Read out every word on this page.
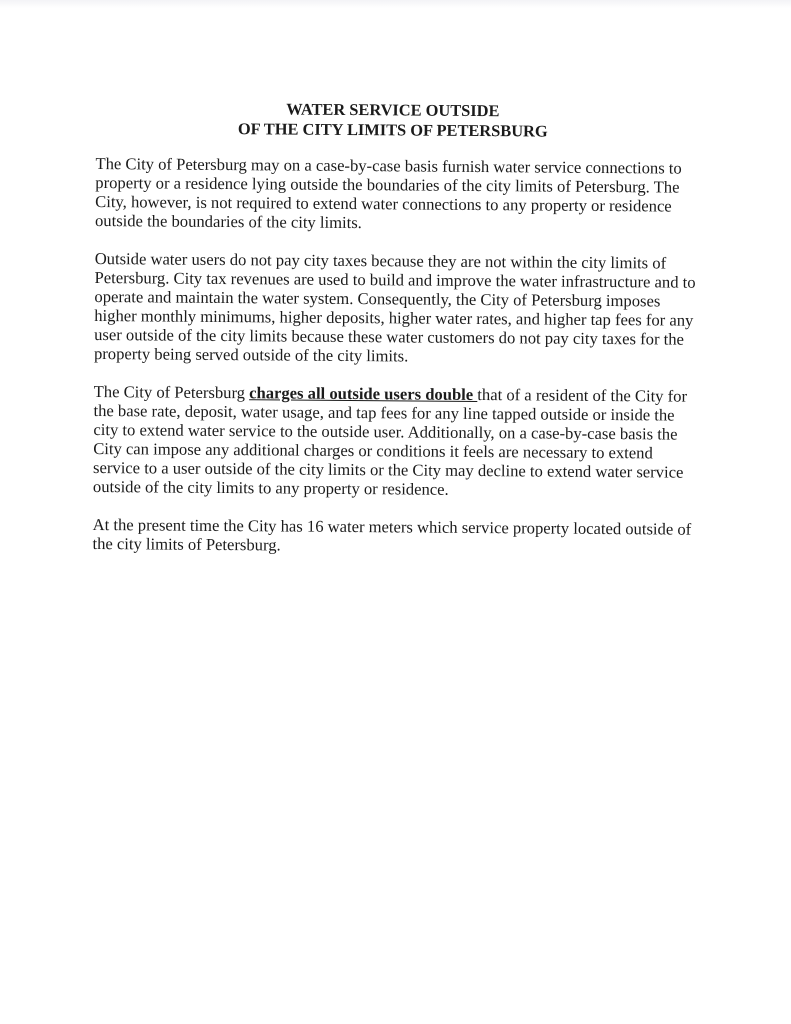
WATER SERVICE OUTSIDE
OF THE CITY LIMITS OF PETERSBURG

The City of Petersburg may on a case-by-case basis furnish water service connections to property or a residence lying outside the boundaries of the city limits of Petersburg. The City, however, is not required to extend water connections to any property or residence outside the boundaries of the city limits.

Outside water users do not pay city taxes because they are not within the city limits of Petersburg. City tax revenues are used to build and improve the water infrastructure and to operate and maintain the water system. Consequently, the City of Petersburg imposes higher monthly minimums, higher deposits, higher water rates, and higher tap fees for any user outside of the city limits because these water customers do not pay city taxes for the property being served outside of the city limits.

The City of Petersburg charges all outside users double that of a resident of the City for the base rate, deposit, water usage, and tap fees for any line tapped outside or inside the city to extend water service to the outside user. Additionally, on a case-by-case basis the City can impose any additional charges or conditions it feels are necessary to extend service to a user outside of the city limits or the City may decline to extend water service outside of the city limits to any property or residence.

At the present time the City has 16 water meters which service property located outside of the city limits of Petersburg.
